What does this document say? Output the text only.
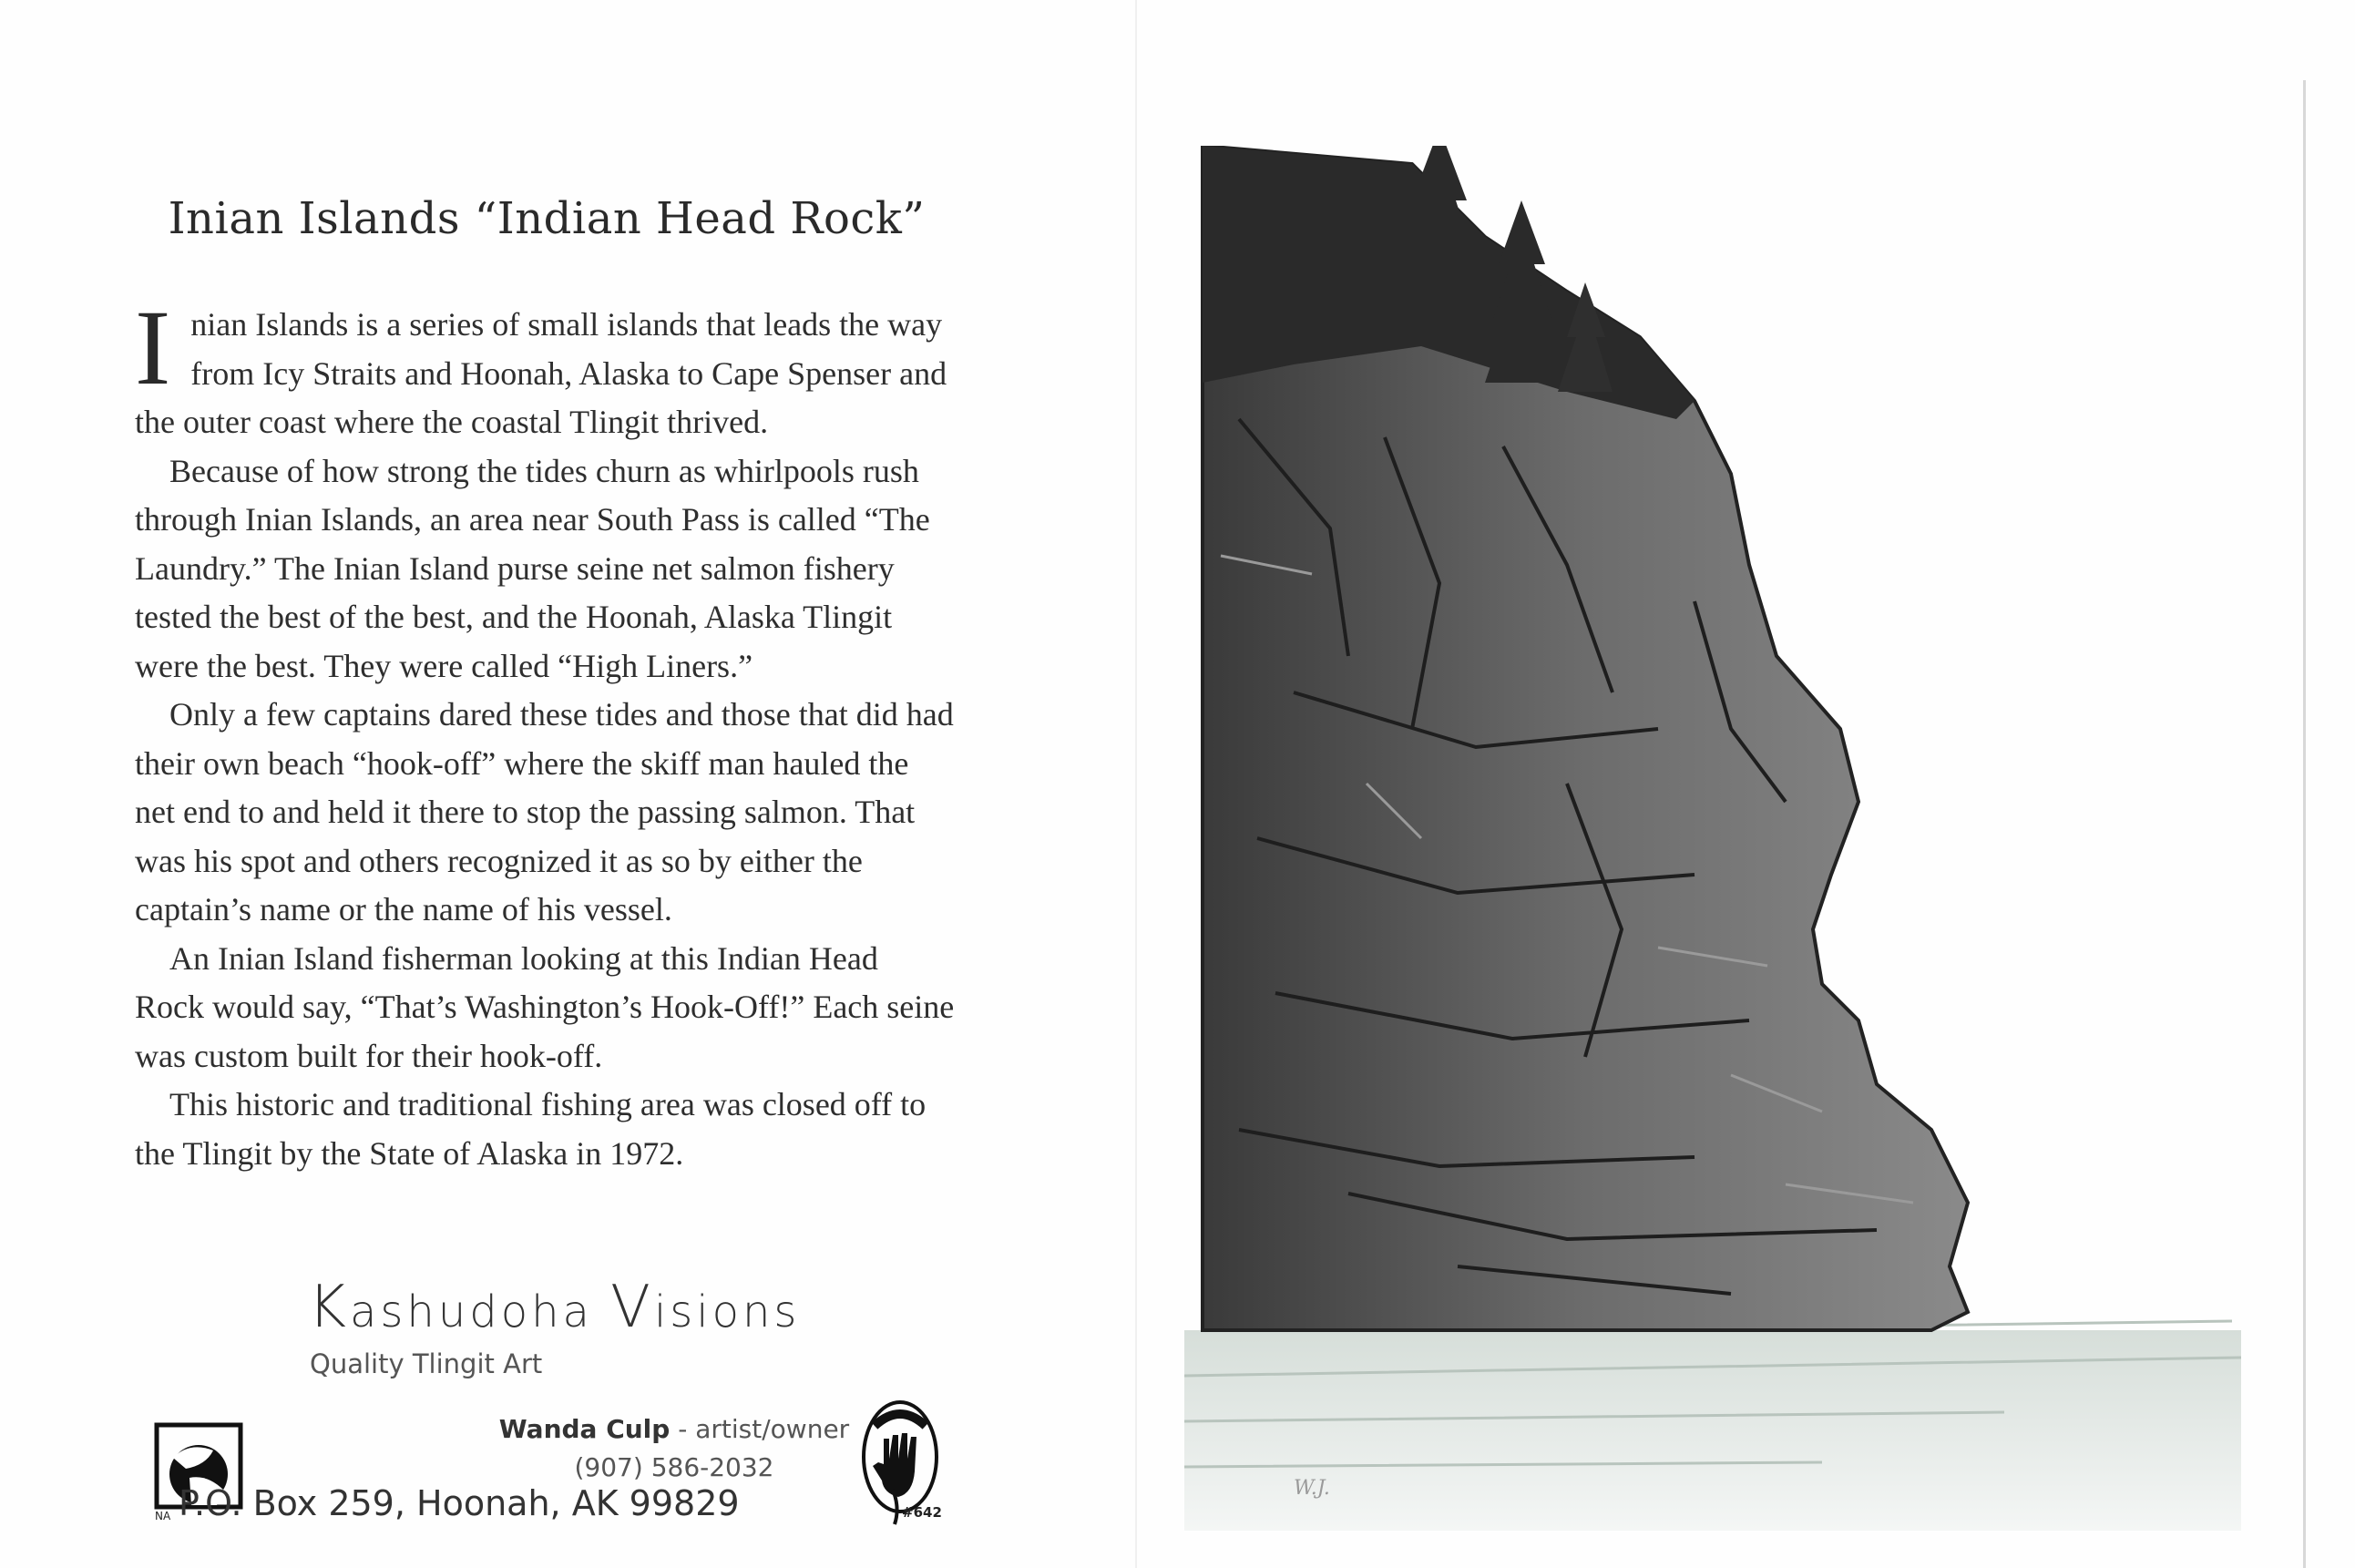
Inian Islands “Indian Head Rock”

Inian Islands is a series of small islands that leads the way from Icy Straits and Hoonah, Alaska to Cape Spenser and the outer coast where the coastal Tlingit thrived.

Because of how strong the tides churn as whirlpools rush through Inian Islands, an area near South Pass is called “The Laundry.” The Inian Island purse seine net salmon fishery tested the best of the best, and the Hoonah, Alaska Tlingit were the best. They were called “High Liners.”

Only a few captains dared these tides and those that did had their own beach “hook-off” where the skiff man hauled the net end to and held it there to stop the passing salmon. That was his spot and others recognized it as so by either the captain’s name or the name of his vessel.

An Inian Island fisherman looking at this Indian Head Rock would say, “That’s Washington’s Hook-Off!” Each seine was custom built for their hook-off.

This historic and traditional fishing area was closed off to the Tlingit by the State of Alaska in 1972.

Kashudoha Visions
Quality Tlingit Art
Wanda Culp - artist/owner
(907) 586-2032
NA P.O. Box 259, Hoonah, AK 99829	#642
W.J.
